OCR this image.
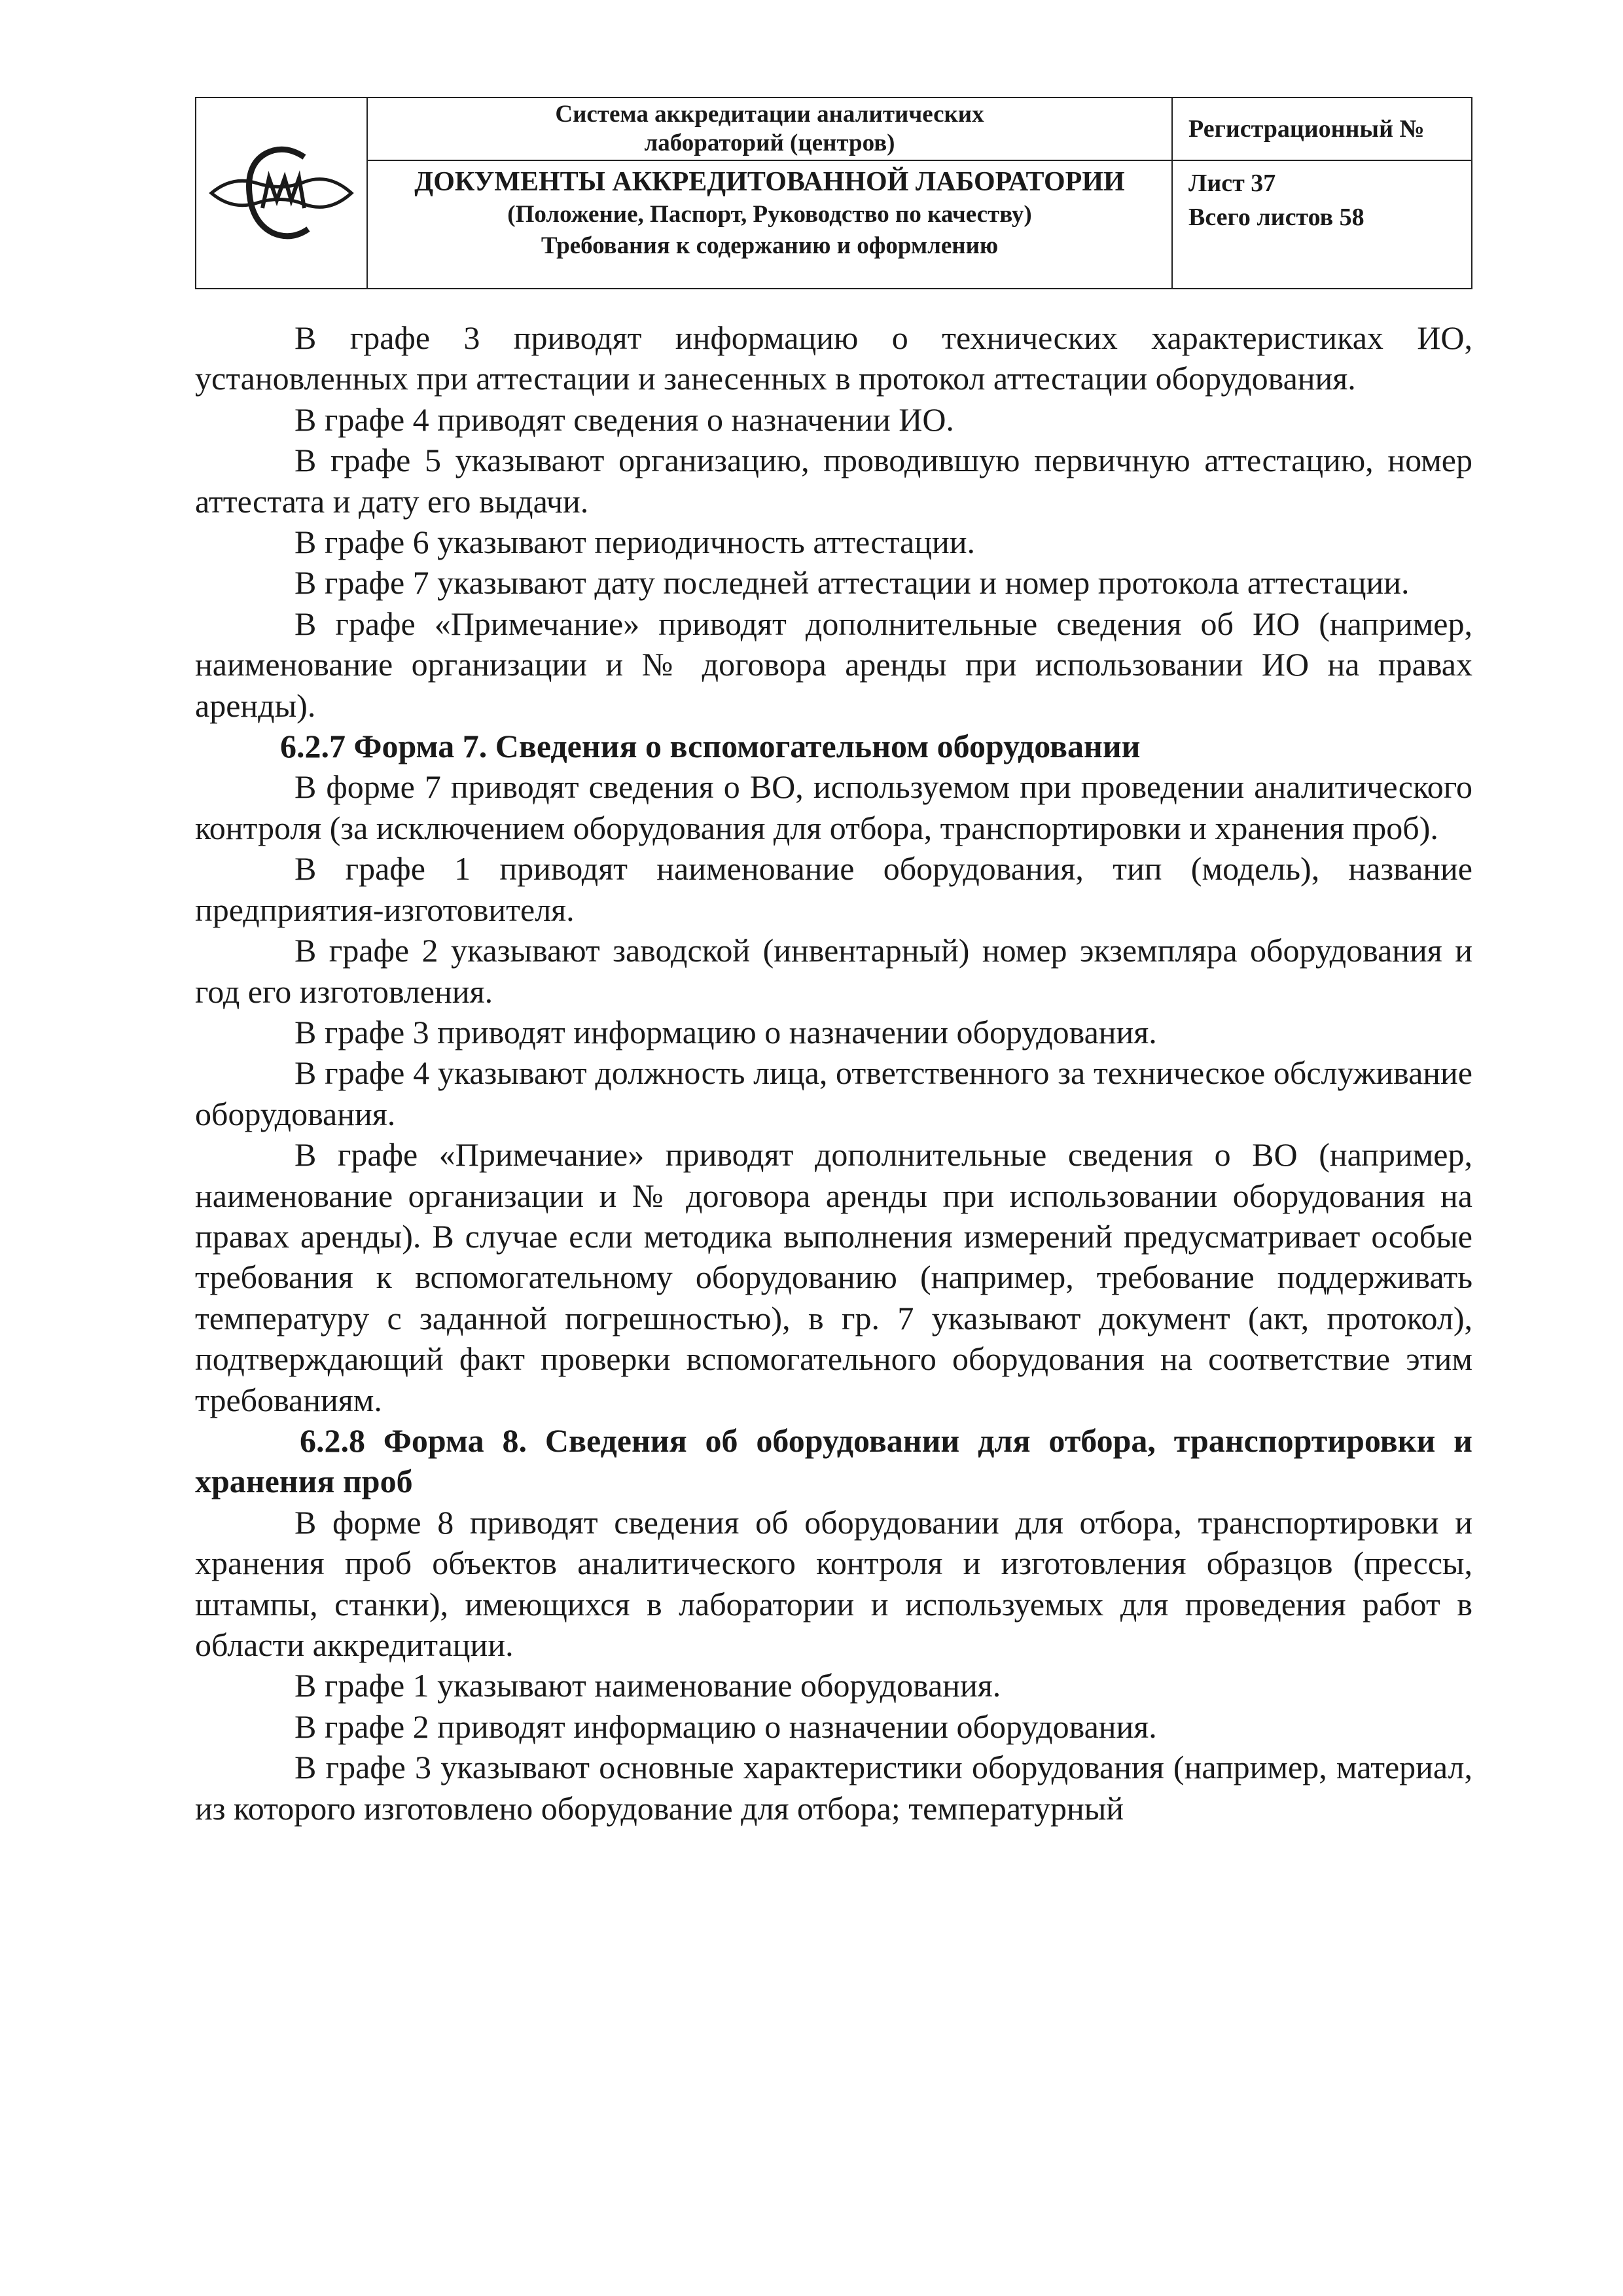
Система аккредитации аналитических
лабораторий (центров)
ДОКУМЕНТЫ АККРЕДИТОВАННОЙ ЛАБОРАТОРИИ
(Положение, Паспорт, Руководство по качеству)
Требования к содержанию и оформлению
Регистрационный №
Лист 37
Всего листов 58

В графе 3 приводят информацию о технических характеристиках ИО, установленных при аттестации и занесенных в протокол аттестации оборудования.

В графе 4 приводят сведения о назначении ИО.

В графе 5 указывают организацию, проводившую первичную аттестацию, номер аттестата и дату его выдачи.

В графе 6 указывают периодичность аттестации.

В графе 7 указывают дату последней аттестации и номер протокола аттестации.

В графе «Примечание» приводят дополнительные сведения об ИО (например, наименование организации и № договора аренды при использовании ИО на правах аренды).

6.2.7 Форма 7. Сведения о вспомогательном оборудовании

В форме 7 приводят сведения о ВО, используемом при проведении аналитического контроля (за исключением оборудования для отбора, транспортировки и хранения проб).

В графе 1 приводят наименование оборудования, тип (модель), название предприятия-изготовителя.

В графе 2 указывают заводской (инвентарный) номер экземпляра оборудования и год его изготовления.

В графе 3 приводят информацию о назначении оборудования.

В графе 4 указывают должность лица, ответственного за техническое обслуживание оборудования.

В графе «Примечание» приводят дополнительные сведения о ВО (например, наименование организации и № договора аренды при использовании оборудования на правах аренды). В случае если методика выполнения измерений предусматривает особые требования к вспомогательному оборудованию (например, требование поддерживать температуру с заданной погрешностью), в гр. 7 указывают документ (акт, протокол), подтверждающий факт проверки вспомогательного оборудования на соответствие этим требованиям.

6.2.8 Форма 8. Сведения об оборудовании для отбора, транспортировки и хранения проб

В форме 8 приводят сведения об оборудовании для отбора, транспортировки и хранения проб объектов аналитического контроля и изготовления образцов (прессы, штампы, станки), имеющихся в лаборатории и используемых для проведения работ в области аккредитации.

В графе 1 указывают наименование оборудования.

В графе 2 приводят информацию о назначении оборудования.

В графе 3 указывают основные характеристики оборудования (например, материал, из которого изготовлено оборудование для отбора; температурный
